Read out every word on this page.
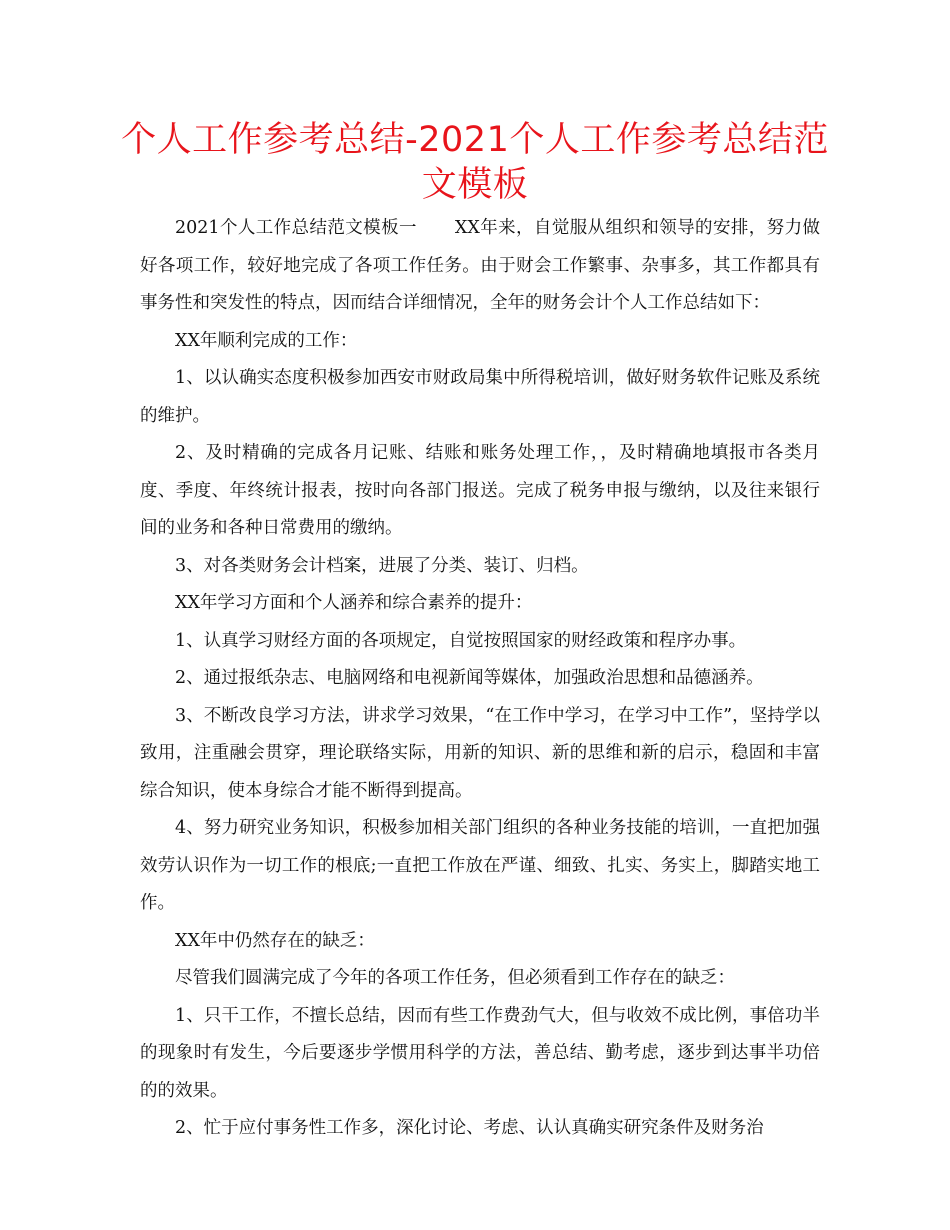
个人工作参考总结-2021个人工作参考总结范文模板

2021个人工作总结范文模板一 XX年来，自觉服从组织和领导的安排，努力做好各项工作，较好地完成了各项工作任务。由于财会工作繁事、杂事多，其工作都具有事务性和突发性的特点，因而结合详细情况，全年的财务会计个人工作总结如下：

XX年顺利完成的工作：

1、以认确实态度积极参加西安市财政局集中所得税培训，做好财务软件记账及系统的维护。

2、及时精确的完成各月记账、结账和账务处理工作，，及时精确地填报市各类月度、季度、年终统计报表，按时向各部门报送。完成了税务申报与缴纳，以及往来银行间的业务和各种日常费用的缴纳。

3、对各类财务会计档案，进展了分类、装订、归档。

XX年学习方面和个人涵养和综合素养的提升：

1、认真学习财经方面的各项规定，自觉按照国家的财经政策和程序办事。

2、通过报纸杂志、电脑网络和电视新闻等媒体，加强政治思想和品德涵养。

3、不断改良学习方法，讲求学习效果，“在工作中学习，在学习中工作”，坚持学以致用，注重融会贯穿，理论联络实际，用新的知识、新的思维和新的启示，稳固和丰富综合知识，使本身综合才能不断得到提高。

4、努力研究业务知识，积极参加相关部门组织的各种业务技能的培训，一直把加强效劳认识作为一切工作的根底;一直把工作放在严谨、细致、扎实、务实上，脚踏实地工作。

XX年中仍然存在的缺乏：

尽管我们圆满完成了今年的各项工作任务，但必须看到工作存在的缺乏：

1、只干工作，不擅长总结，因而有些工作费劲气大，但与收效不成比例，事倍功半的现象时有发生，今后要逐步学惯用科学的方法，善总结、勤考虑，逐步到达事半功倍的的效果。

2、忙于应付事务性工作多，深化讨论、考虑、认认真确实研究条件及财务治
